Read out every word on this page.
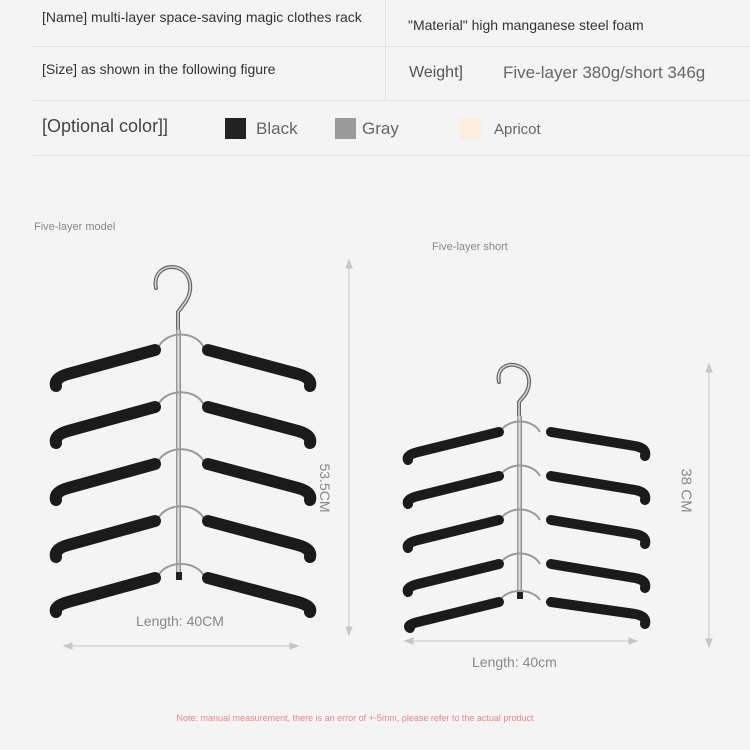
[Name] multi-layer space-saving magic clothes rack	"Material" high manganese steel foam
[Size] as shown in the following figure	Weight] Five-layer 380g/short 346g
[Optional color]]	Black	Gray	Apricot
Five-layer model
Five-layer short
53.5CM
Length: 40CM
38 CM
Length: 40cm
Note: manual measurement, there is an error of +-5mm, please refer to the actual product
